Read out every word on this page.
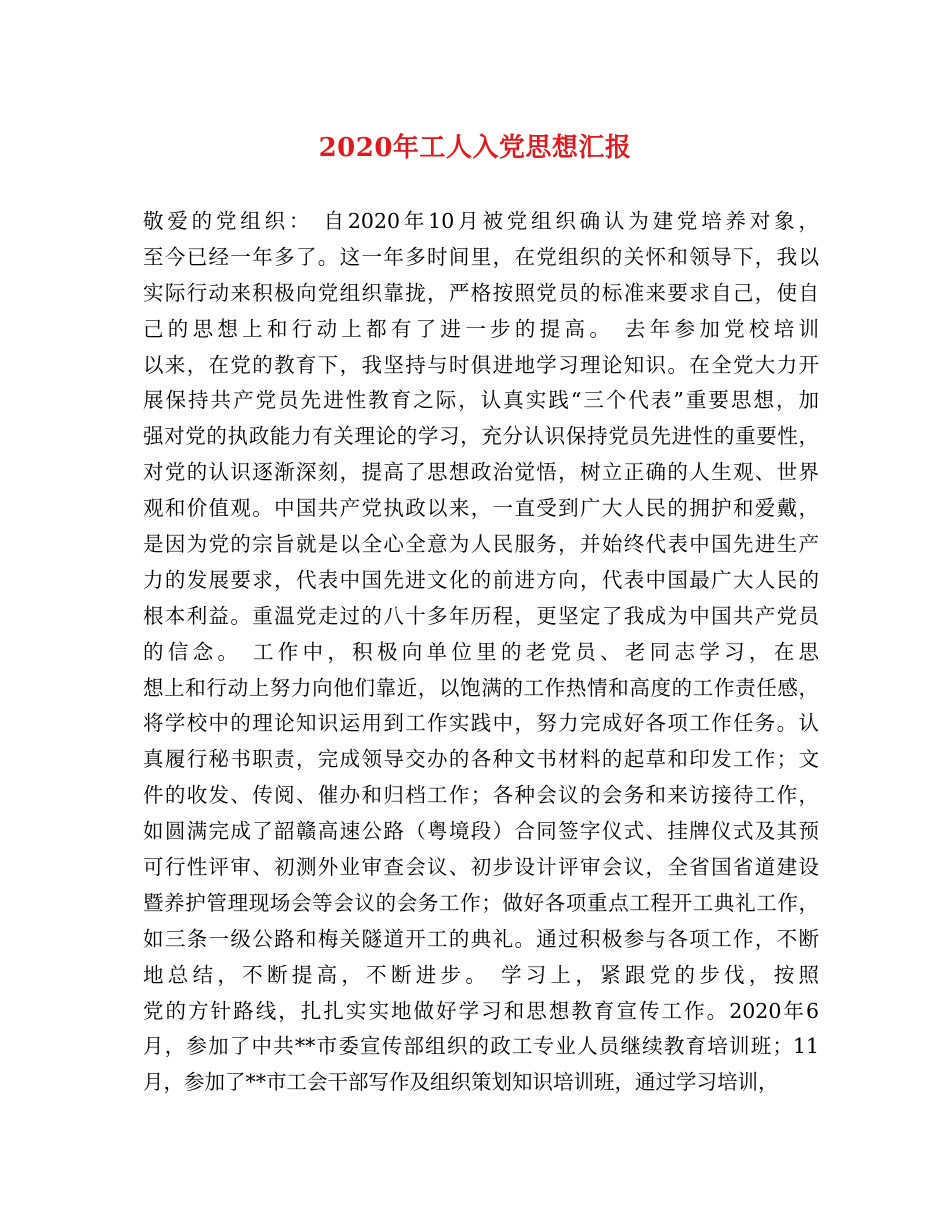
2020年工人入党思想汇报
敬爱的党组织： 自2020年10月被党组织确认为建党培养对象，
至今已经一年多了。这一年多时间里，在党组织的关怀和领导下，我以
实际行动来积极向党组织靠拢，严格按照党员的标准来要求自己，使自
己的思想上和行动上都有了进一步的提高。 去年参加党校培训
以来，在党的教育下，我坚持与时俱进地学习理论知识。在全党大力开
展保持共产党员先进性教育之际，认真实践“三个代表”重要思想，加
强对党的执政能力有关理论的学习，充分认识保持党员先进性的重要性，
对党的认识逐渐深刻，提高了思想政治觉悟，树立正确的人生观、世界
观和价值观。中国共产党执政以来，一直受到广大人民的拥护和爱戴，
是因为党的宗旨就是以全心全意为人民服务，并始终代表中国先进生产
力的发展要求，代表中国先进文化的前进方向，代表中国最广大人民的
根本利益。重温党走过的八十多年历程，更坚定了我成为中国共产党员
的信念。 工作中，积极向单位里的老党员、老同志学习，在思
想上和行动上努力向他们靠近，以饱满的工作热情和高度的工作责任感，
将学校中的理论知识运用到工作实践中，努力完成好各项工作任务。认
真履行秘书职责，完成领导交办的各种文书材料的起草和印发工作；文
件的收发、传阅、催办和归档工作；各种会议的会务和来访接待工作，
如圆满完成了韶赣高速公路（粤境段）合同签字仪式、挂牌仪式及其预
可行性评审、初测外业审查会议、初步设计评审会议，全省国省道建设
暨养护管理现场会等会议的会务工作；做好各项重点工程开工典礼工作，
如三条一级公路和梅关隧道开工的典礼。通过积极参与各项工作，不断
地总结，不断提高，不断进步。 学习上，紧跟党的步伐，按照
党的方针路线，扎扎实实地做好学习和思想教育宣传工作。2020年6
月，参加了中共**市委宣传部组织的政工专业人员继续教育培训班；11
月，参加了**市工会干部写作及组织策划知识培训班，通过学习培训，
